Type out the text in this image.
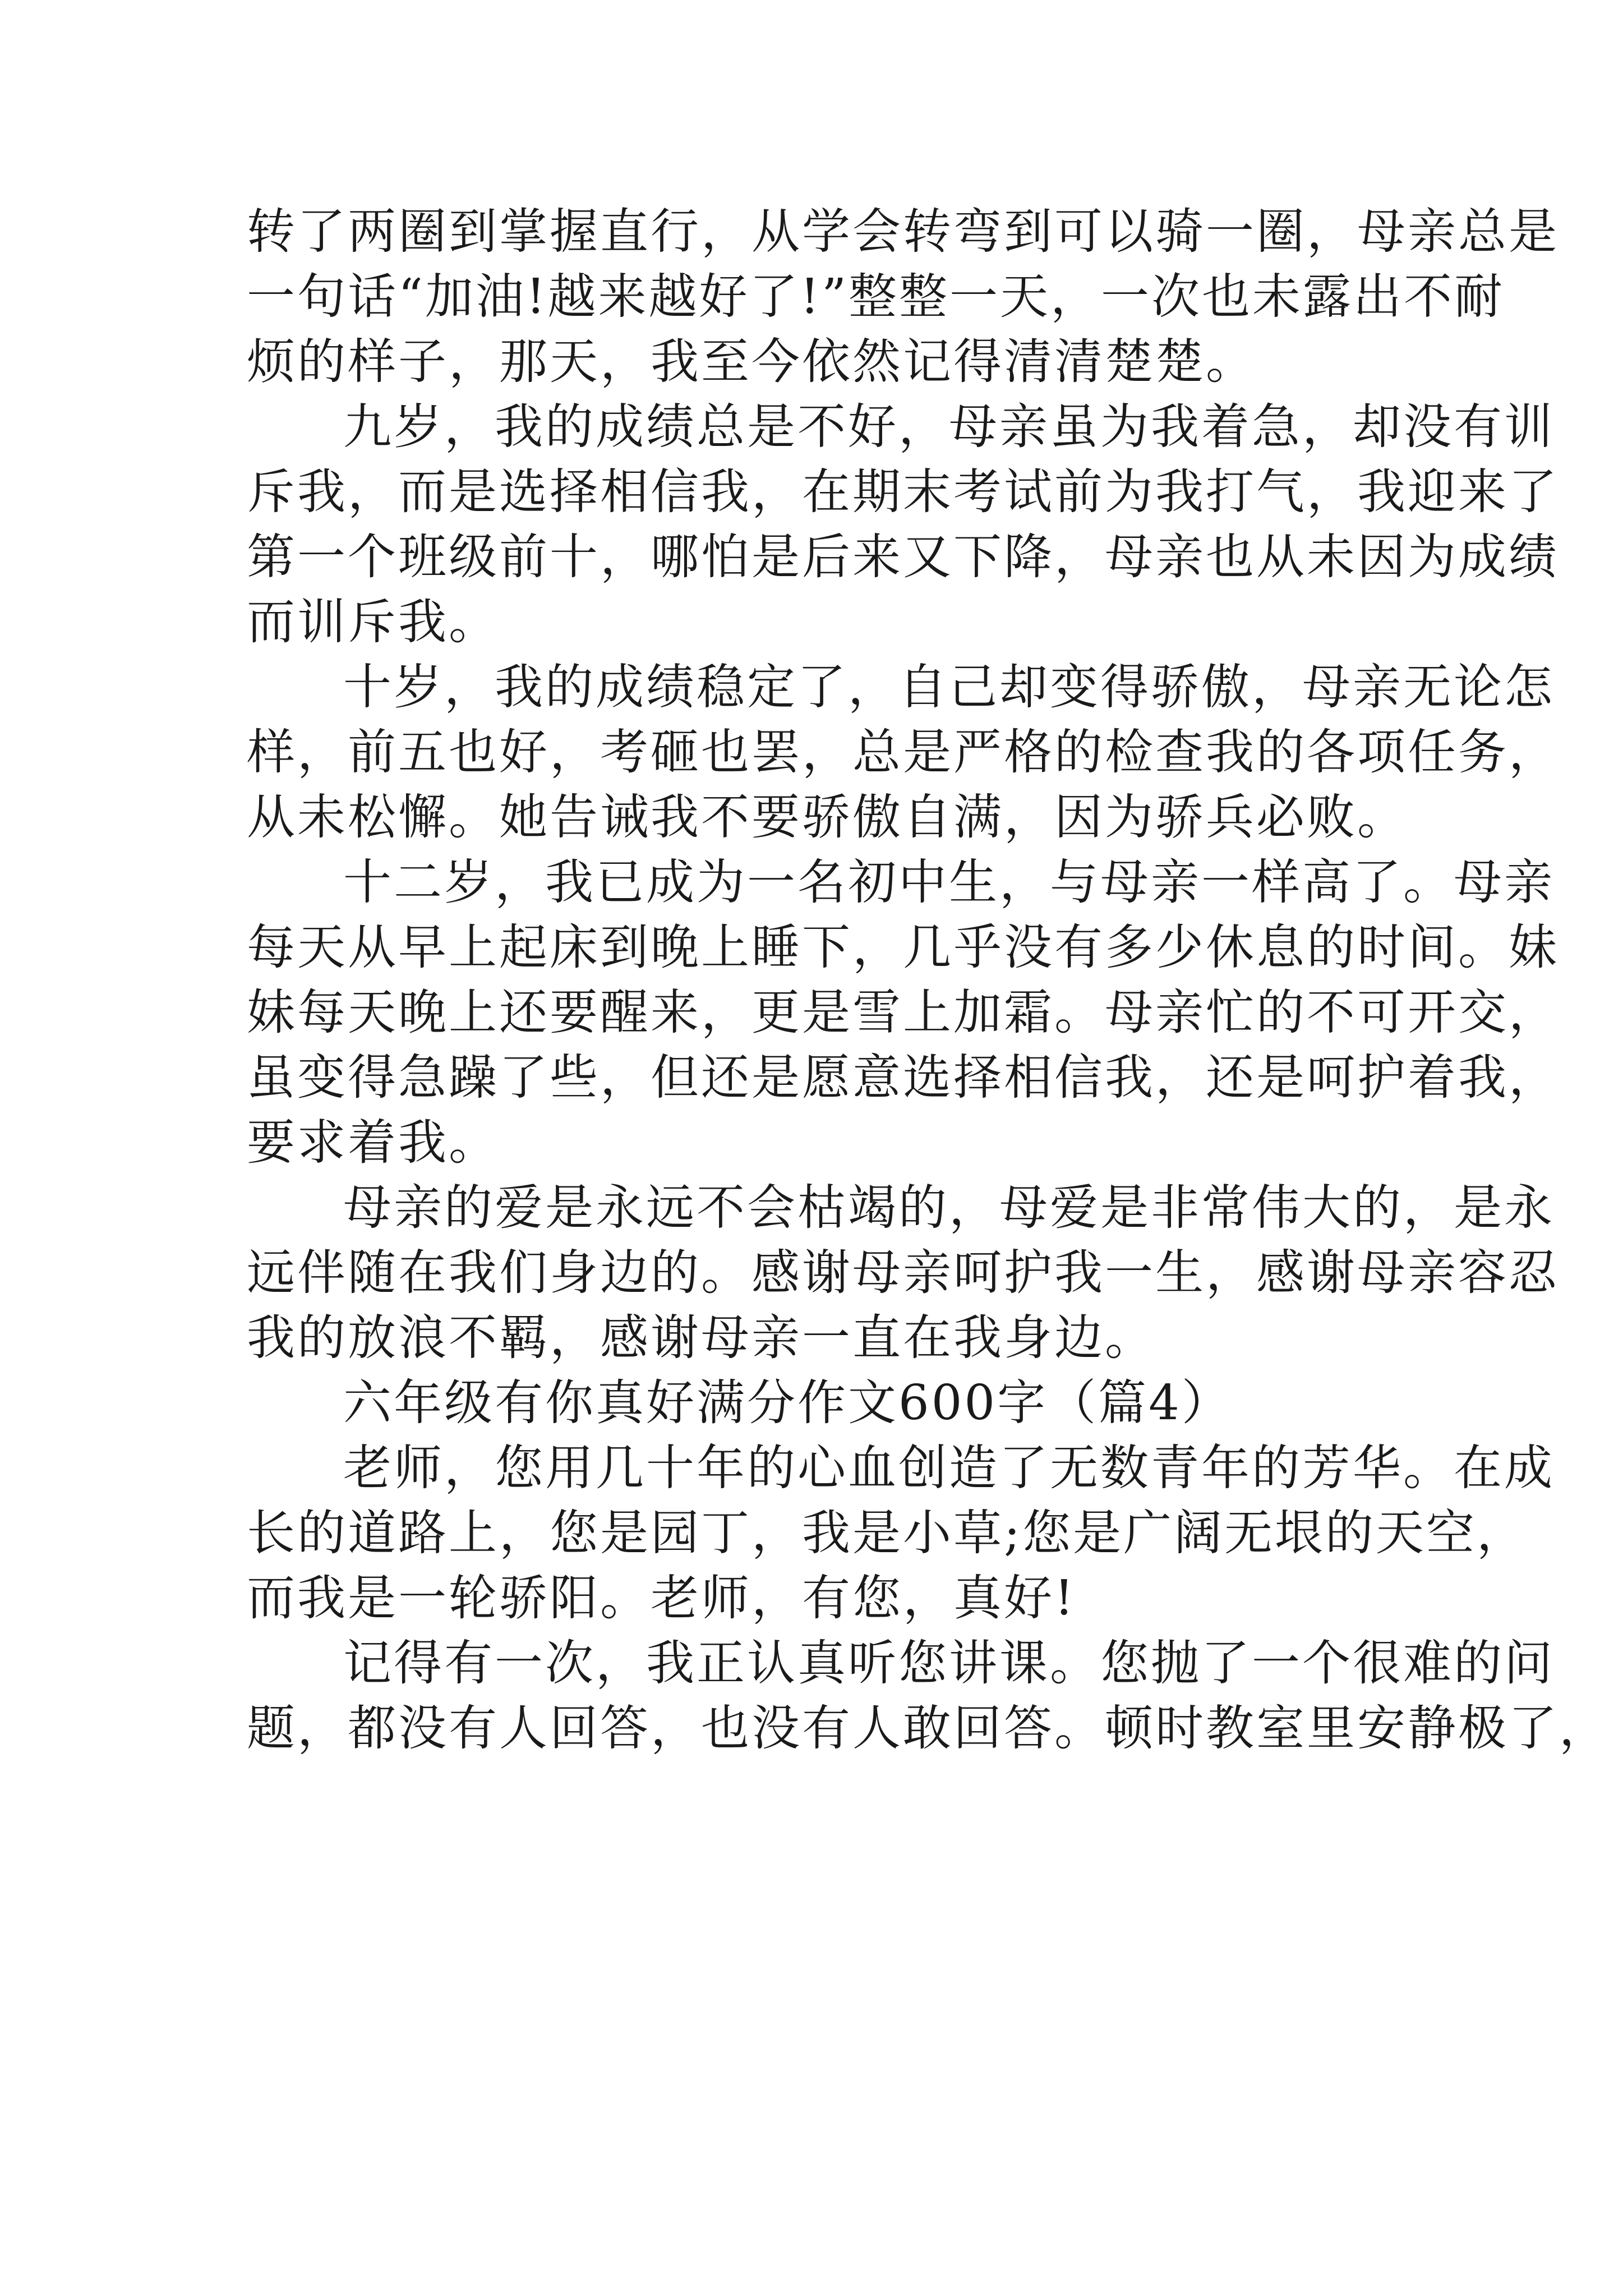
转了两圈到掌握直行，从学会转弯到可以骑一圈，母亲总是
一句话“加油!越来越好了!”整整一天，一次也未露出不耐
烦的样子，那天，我至今依然记得清清楚楚。
九岁，我的成绩总是不好，母亲虽为我着急，却没有训
斥我，而是选择相信我，在期末考试前为我打气，我迎来了
第一个班级前十，哪怕是后来又下降，母亲也从未因为成绩
而训斥我。
十岁，我的成绩稳定了，自己却变得骄傲，母亲无论怎
样，前五也好，考砸也罢，总是严格的检查我的各项任务，
从未松懈。她告诫我不要骄傲自满，因为骄兵必败。
十二岁，我已成为一名初中生，与母亲一样高了。母亲
每天从早上起床到晚上睡下，几乎没有多少休息的时间。妹
妹每天晚上还要醒来，更是雪上加霜。母亲忙的不可开交，
虽变得急躁了些，但还是愿意选择相信我，还是呵护着我，
要求着我。
母亲的爱是永远不会枯竭的，母爱是非常伟大的，是永
远伴随在我们身边的。感谢母亲呵护我一生，感谢母亲容忍
我的放浪不羁，感谢母亲一直在我身边。
六年级有你真好满分作文600字（篇4）
老师，您用几十年的心血创造了无数青年的芳华。在成
长的道路上，您是园丁，我是小草;您是广阔无垠的天空，
而我是一轮骄阳。老师，有您，真好!
记得有一次，我正认真听您讲课。您抛了一个很难的问
题，都没有人回答，也没有人敢回答。顿时教室里安静极了，
